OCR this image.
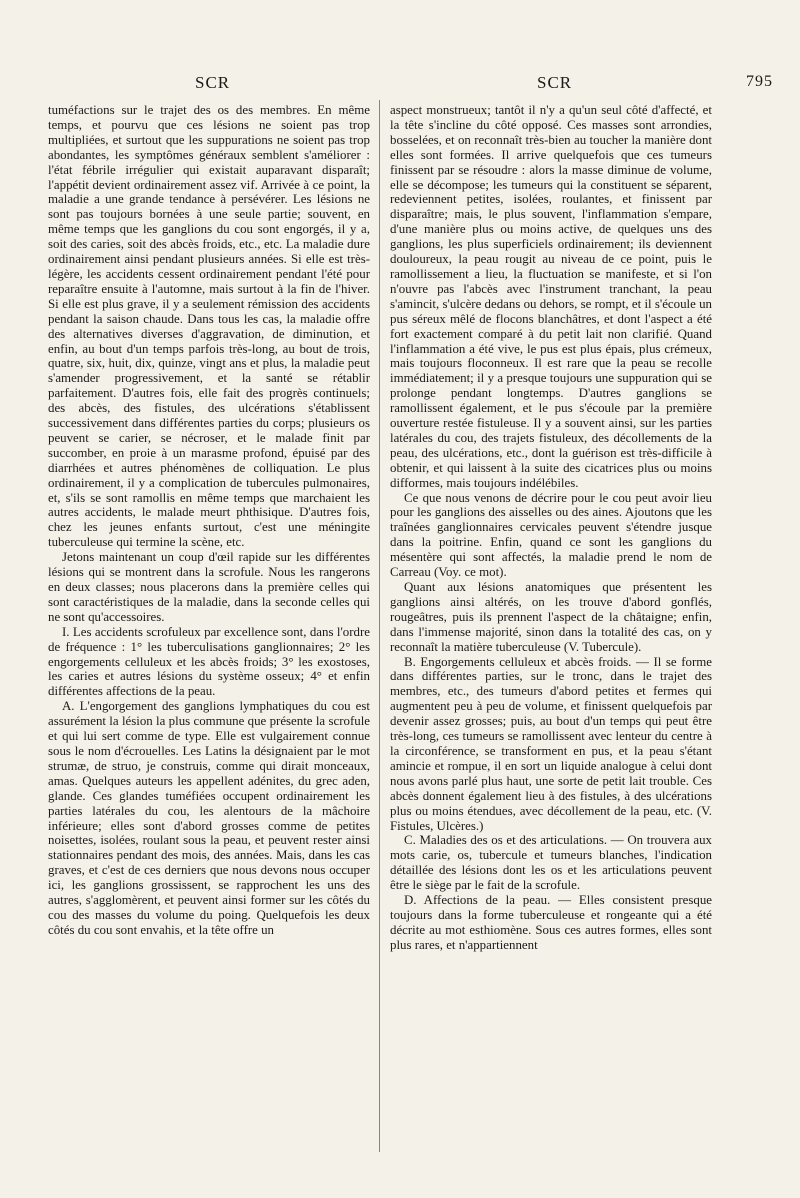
SCR	SCR	795

tuméfactions sur le trajet des os des membres. En même temps, et pourvu que ces lésions ne soient pas trop multipliées, et surtout que les suppurations ne soient pas trop abondantes, les symptômes généraux semblent s'améliorer : l'état fébrile irrégulier qui existait auparavant disparaît; l'appétit devient ordinairement assez vif. Arrivée à ce point, la maladie a une grande tendance à persévérer. Les lésions ne sont pas toujours bornées à une seule partie; souvent, en même temps que les ganglions du cou sont engorgés, il y a, soit des caries, soit des abcès froids, etc., etc. La maladie dure ordinairement ainsi pendant plusieurs années. Si elle est très-légère, les accidents cessent ordinairement pendant l'été pour reparaître ensuite à l'automne, mais surtout à la fin de l'hiver. Si elle est plus grave, il y a seulement rémission des accidents pendant la saison chaude. Dans tous les cas, la maladie offre des alternatives diverses d'aggravation, de diminution, et enfin, au bout d'un temps parfois très-long, au bout de trois, quatre, six, huit, dix, quinze, vingt ans et plus, la maladie peut s'amender progressivement, et la santé se rétablir parfaitement. D'autres fois, elle fait des progrès continuels; des abcès, des fistules, des ulcérations s'établissent successivement dans différentes parties du corps; plusieurs os peuvent se carier, se nécroser, et le malade finit par succomber, en proie à un marasme profond, épuisé par des diarrhées et autres phénomènes de colliquation. Le plus ordinairement, il y a complication de tubercules pulmonaires, et, s'ils se sont ramollis en même temps que marchaient les autres accidents, le malade meurt phthisique. D'autres fois, chez les jeunes enfants surtout, c'est une méningite tuberculeuse qui termine la scène, etc.

Jetons maintenant un coup d'œil rapide sur les différentes lésions qui se montrent dans la scrofule. Nous les rangerons en deux classes; nous placerons dans la première celles qui sont caractéristiques de la maladie, dans la seconde celles qui ne sont qu'accessoires.

I. Les accidents scrofuleux par excellence sont, dans l'ordre de fréquence : 1° les tuberculisations ganglionnaires; 2° les engorgements celluleux et les abcès froids; 3° les exostoses, les caries et autres lésions du système osseux; 4° et enfin différentes affections de la peau.

A. L'engorgement des ganglions lymphatiques du cou est assurément la lésion la plus commune que présente la scrofule et qui lui sert comme de type. Elle est vulgairement connue sous le nom d'écrouelles. Les Latins la désignaient par le mot strumæ, de struo, je construis, comme qui dirait monceaux, amas. Quelques auteurs les appellent adénites, du grec aden, glande. Ces glandes tuméfiées occupent ordinairement les parties latérales du cou, les alentours de la mâchoire inférieure; elles sont d'abord grosses comme de petites noisettes, isolées, roulant sous la peau, et peuvent rester ainsi stationnaires pendant des mois, des années. Mais, dans les cas graves, et c'est de ces derniers que nous devons nous occuper ici, les ganglions grossissent, se rapprochent les uns des autres, s'agglomèrent, et peuvent ainsi former sur les côtés du cou des masses du volume du poing. Quelquefois les deux côtés du cou sont envahis, et la tête offre un

aspect monstrueux; tantôt il n'y a qu'un seul côté d'affecté, et la tête s'incline du côté opposé. Ces masses sont arrondies, bosselées, et on reconnaît très-bien au toucher la manière dont elles sont formées. Il arrive quelquefois que ces tumeurs finissent par se résoudre : alors la masse diminue de volume, elle se décompose; les tumeurs qui la constituent se séparent, redeviennent petites, isolées, roulantes, et finissent par disparaître; mais, le plus souvent, l'inflammation s'empare, d'une manière plus ou moins active, de quelques uns des ganglions, les plus superficiels ordinairement; ils deviennent douloureux, la peau rougit au niveau de ce point, puis le ramollissement a lieu, la fluctuation se manifeste, et si l'on n'ouvre pas l'abcès avec l'instrument tranchant, la peau s'amincit, s'ulcère dedans ou dehors, se rompt, et il s'écoule un pus séreux mêlé de flocons blanchâtres, et dont l'aspect a été fort exactement comparé à du petit lait non clarifié. Quand l'inflammation a été vive, le pus est plus épais, plus crémeux, mais toujours floconneux. Il est rare que la peau se recolle immédiatement; il y a presque toujours une suppuration qui se prolonge pendant longtemps. D'autres ganglions se ramollissent également, et le pus s'écoule par la première ouverture restée fistuleuse. Il y a souvent ainsi, sur les parties latérales du cou, des trajets fistuleux, des décollements de la peau, des ulcérations, etc., dont la guérison est très-difficile à obtenir, et qui laissent à la suite des cicatrices plus ou moins difformes, mais toujours indélébiles.

Ce que nous venons de décrire pour le cou peut avoir lieu pour les ganglions des aisselles ou des aines. Ajoutons que les traînées ganglionnaires cervicales peuvent s'étendre jusque dans la poitrine. Enfin, quand ce sont les ganglions du mésentère qui sont affectés, la maladie prend le nom de Carreau (Voy. ce mot).

Quant aux lésions anatomiques que présentent les ganglions ainsi altérés, on les trouve d'abord gonflés, rougeâtres, puis ils prennent l'aspect de la châtaigne; enfin, dans l'immense majorité, sinon dans la totalité des cas, on y reconnaît la matière tuberculeuse (V. Tubercule).

B. Engorgements celluleux et abcès froids. — Il se forme dans différentes parties, sur le tronc, dans le trajet des membres, etc., des tumeurs d'abord petites et fermes qui augmentent peu à peu de volume, et finissent quelquefois par devenir assez grosses; puis, au bout d'un temps qui peut être très-long, ces tumeurs se ramollissent avec lenteur du centre à la circonférence, se transforment en pus, et la peau s'étant amincie et rompue, il en sort un liquide analogue à celui dont nous avons parlé plus haut, une sorte de petit lait trouble. Ces abcès donnent également lieu à des fistules, à des ulcérations plus ou moins étendues, avec décollement de la peau, etc. (V. Fistules, Ulcères.)

C. Maladies des os et des articulations. — On trouvera aux mots carie, os, tubercule et tumeurs blanches, l'indication détaillée des lésions dont les os et les articulations peuvent être le siège par le fait de la scrofule.

D. Affections de la peau. — Elles consistent presque toujours dans la forme tuberculeuse et rongeante qui a été décrite au mot esthiomène. Sous ces autres formes, elles sont plus rares, et n'appartiennent
